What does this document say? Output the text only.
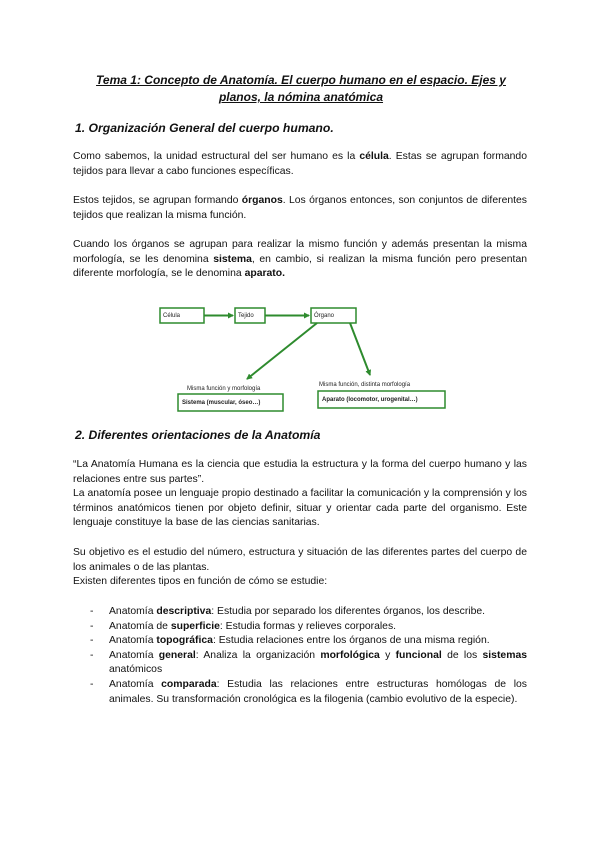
Tema 1: Concepto de Anatomía. El cuerpo humano en el espacio. Ejes y
planos, la nómina anatómica
1. Organización General del cuerpo humano.

Como sabemos, la unidad estructural del ser humano es la célula. Estas se agrupan formando tejidos para llevar a cabo funciones específicas.

Estos tejidos, se agrupan formando órganos. Los órganos entonces, son conjuntos de diferentes tejidos que realizan la misma función.

Cuando los órganos se agrupan para realizar la mismo función y además presentan la misma morfología, se les denomina sistema, en cambio, si realizan la misma función pero presentan diferente morfología, se le denomina aparato.

Célula	Tejido	Órgano
Misma función y morfología
Misma función, distinta morfología
Sistema (muscular, óseo…)	Aparato (locomotor, urogenital…)
2. Diferentes orientaciones de la Anatomía

“La Anatomía Humana es la ciencia que estudia la estructura y la forma del cuerpo humano y las relaciones entre sus partes”.

La anatomía posee un lenguaje propio destinado a facilitar la comunicación y la comprensión y los términos anatómicos tienen por objeto definir, situar y orientar cada parte del organismo. Este lenguaje constituye la base de las ciencias sanitarias.

Su objetivo es el estudio del número, estructura y situación de las diferentes partes del cuerpo de los animales o de las plantas.

Existen diferentes tipos en función de cómo se estudie:

- Anatomía descriptiva: Estudia por separado los diferentes órganos, los describe.
- Anatomía de superficie: Estudia formas y relieves corporales.
- Anatomía topográfica: Estudia relaciones entre los órganos de una misma región.
- Anatomía general: Analiza la organización morfológica y funcional de los sistemas anatómicos
- Anatomía comparada: Estudia las relaciones entre estructuras homólogas de los animales. Su transformación cronológica es la filogenia (cambio evolutivo de la especie).
